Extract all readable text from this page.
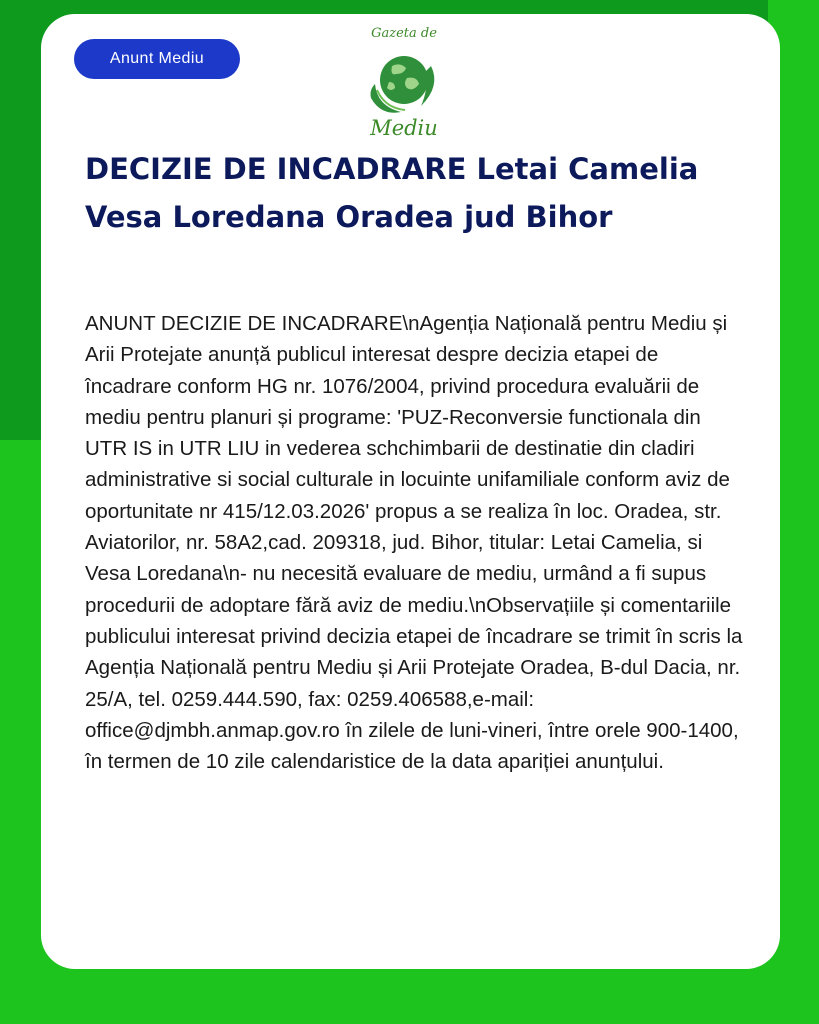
Anunt Mediu
Gazeta de
Mediu
DECIZIE DE INCADRARE Letai Camelia Vesa Loredana Oradea jud Bihor

ANUNT DECIZIE DE INCADRARE\nAgenția Națională pentru Mediu și Arii Protejate anunță publicul interesat despre decizia etapei de încadrare conform HG nr. 1076/2004, privind procedura evaluării de mediu pentru planuri și programe: 'PUZ-Reconversie functionala din UTR IS in UTR LIU in vederea schchimbarii de destinatie din cladiri administrative si social culturale in locuinte unifamiliale conform aviz de oportunitate nr 415/12.03.2026' propus a se realiza în loc. Oradea, str. Aviatorilor, nr. 58A2,cad. 209318, jud. Bihor, titular: Letai Camelia, si Vesa Loredana\n- nu necesită evaluare de mediu, urmând a fi supus procedurii de adoptare fără aviz de mediu.\nObservațiile și comentariile publicului interesat privind decizia etapei de încadrare se trimit în scris la Agenția Națională pentru Mediu și Arii Protejate Oradea, B-dul Dacia, nr. 25/A, tel. 0259.444.590, fax: 0259.406588,e-mail: office@djmbh.anmap.gov.ro în zilele de luni-vineri, între orele 900-1400, în termen de 10 zile calendaristice de la data apariției anunțului.
